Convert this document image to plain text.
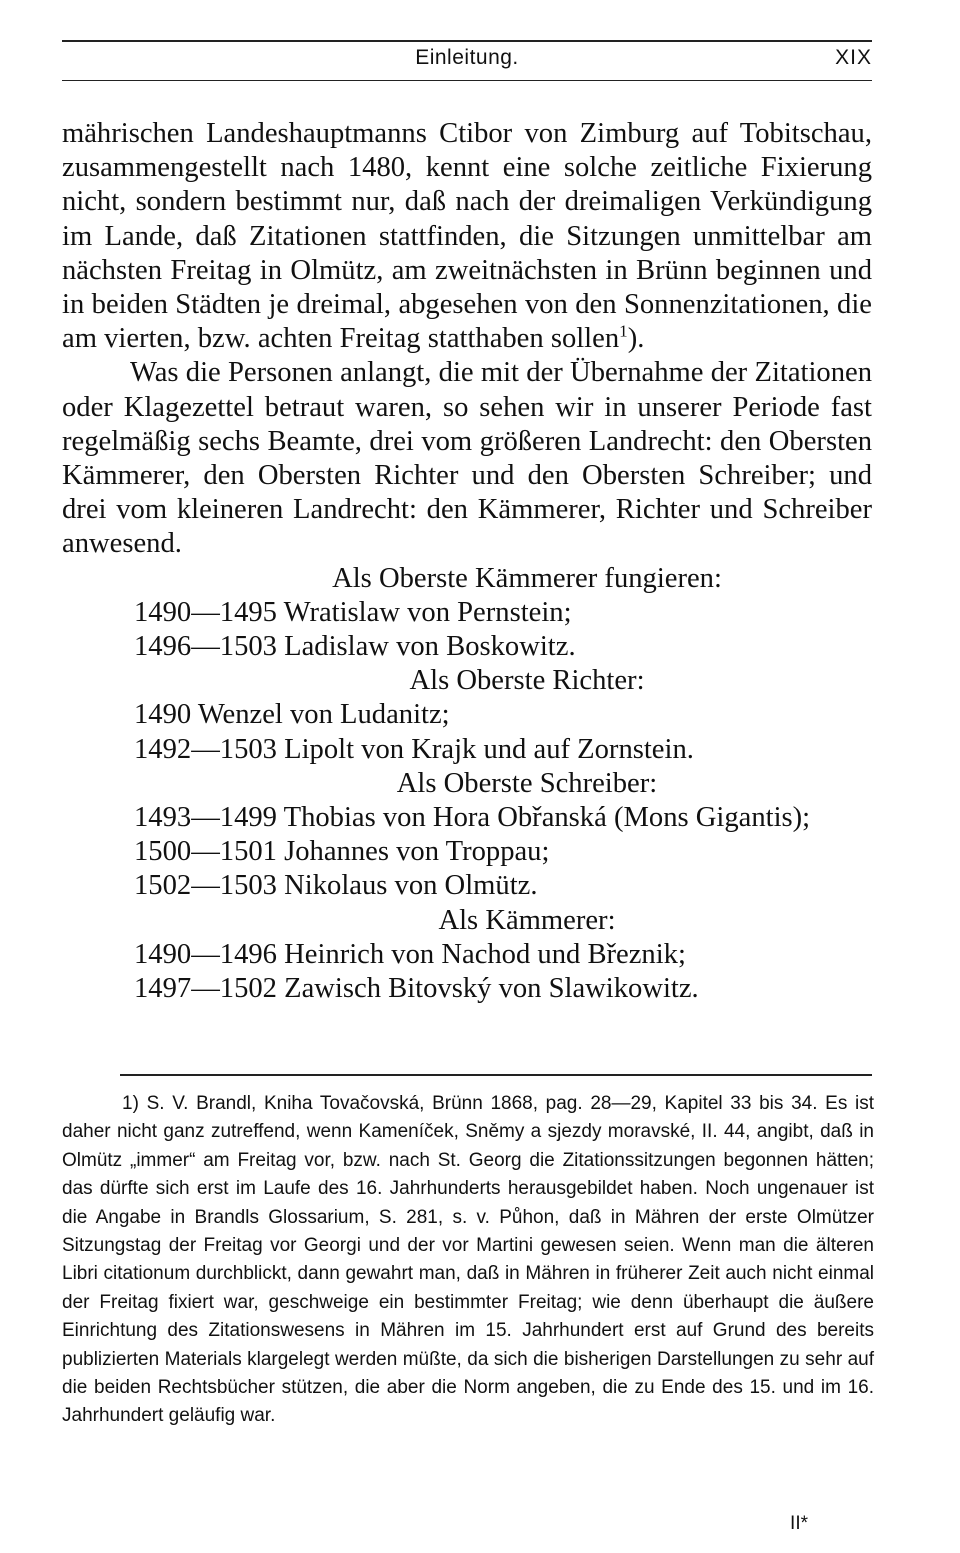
Einleitung.	XIX

mährischen Landeshauptmanns Ctibor von Zimburg auf Tobitschau, zusammengestellt nach 1480, kennt eine solche zeitliche Fixierung nicht, sondern bestimmt nur, daß nach der dreimaligen Verkündigung im Lande, daß Zitationen stattfinden, die Sitzungen unmittelbar am nächsten Freitag in Olmütz, am zweitnächsten in Brünn beginnen und in beiden Städten je dreimal, abgesehen von den Sonnenzitationen, die am vierten, bzw. achten Freitag statthaben sollen$^1$).

Was die Personen anlangt, die mit der Übernahme der Zitationen oder Klagezettel betraut waren, so sehen wir in unserer Periode fast regelmäßig sechs Beamte, drei vom größeren Landrecht: den Obersten Kämmerer, den Obersten Richter und den Obersten Schreiber; und drei vom kleineren Landrecht: den Kämmerer, Richter und Schreiber anwesend.

Als Oberste Kämmerer fungieren:
1490—1495 Wratislaw von Pernstein;
1496—1503 Ladislaw von Boskowitz.
Als Oberste Richter:
1490 Wenzel von Ludanitz;
1492—1503 Lipolt von Krajk und auf Zornstein.
Als Oberste Schreiber:
1493—1499 Thobias von Hora Obřanská (Mons Gigantis);
1500—1501 Johannes von Troppau;
1502—1503 Nikolaus von Olmütz.
Als Kämmerer:
1490—1496 Heinrich von Nachod und Březnik;
1497—1502 Zawisch Bitovský von Slawikowitz.
1) S. V. Brandl, Kniha Tovačovská, Brünn 1868, pag. 28—29, Kapitel 33 bis 34. Es ist daher nicht ganz zutreffend, wenn Kameníček, Sněmy a sjezdy moravské, II. 44, angibt, daß in Olmütz „immer“ am Freitag vor, bzw. nach St. Georg die Zitationssitzungen begonnen hätten; das dürfte sich erst im Laufe des 16. Jahrhunderts herausgebildet haben. Noch ungenauer ist die Angabe in Brandls Glossarium, S. 281, s. v. Půhon, daß in Mähren der erste Olmützer Sitzungstag der Freitag vor Georgi und der vor Martini gewesen seien. Wenn man die älteren Libri citationum durchblickt, dann gewahrt man, daß in Mähren in früherer Zeit auch nicht einmal der Freitag fixiert war, geschweige ein bestimmter Freitag; wie denn überhaupt die äußere Einrichtung des Zitationswesens in Mähren im 15. Jahrhundert erst auf Grund des bereits publizierten Materials klargelegt werden müßte, da sich die bisherigen Darstellungen zu sehr auf die beiden Rechtsbücher stützen, die aber die Norm angeben, die zu Ende des 15. und im 16. Jahrhundert geläufig war.
II*
